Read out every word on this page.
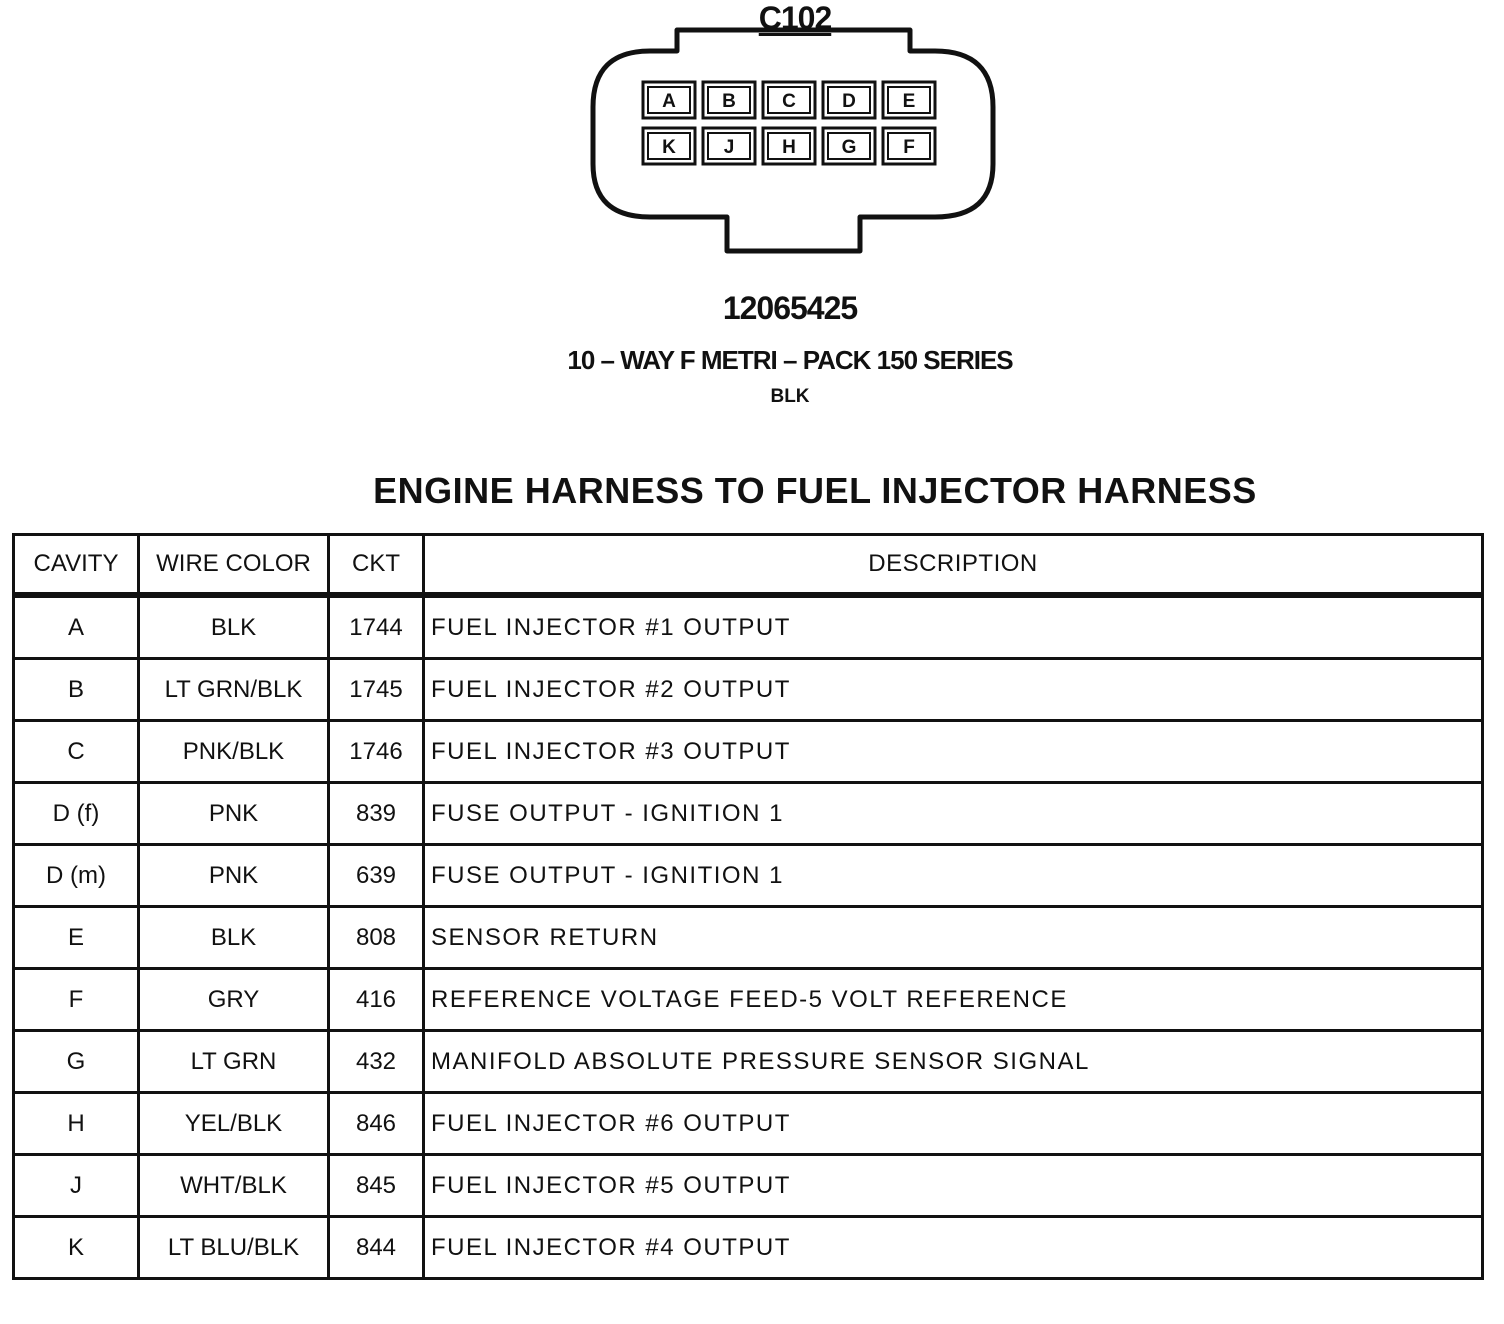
C102
A B C D E
K	J	H G F
12065425
10 – WAY F METRI – PACK 150 SERIES
BLK
ENGINE HARNESS TO FUEL INJECTOR HARNESS
CAVITY	WIRE COLOR	CKT	DESCRIPTION
A	BLK	1744	FUEL INJECTOR #1 OUTPUT
B	LT GRN/BLK	1745	FUEL INJECTOR #2 OUTPUT
C	PNK/BLK	1746	FUEL INJECTOR #3 OUTPUT
D (f)	PNK	839	FUSE OUTPUT - IGNITION 1
D (m)	PNK	639	FUSE OUTPUT - IGNITION 1
E	BLK	808	SENSOR RETURN
F	GRY	416	REFERENCE VOLTAGE FEED-5 VOLT REFERENCE
G	LT GRN	432	MANIFOLD ABSOLUTE PRESSURE SENSOR SIGNAL
H	YEL/BLK	846	FUEL INJECTOR #6 OUTPUT
J	WHT/BLK	845	FUEL INJECTOR #5 OUTPUT
K	LT BLU/BLK	844	FUEL INJECTOR #4 OUTPUT
